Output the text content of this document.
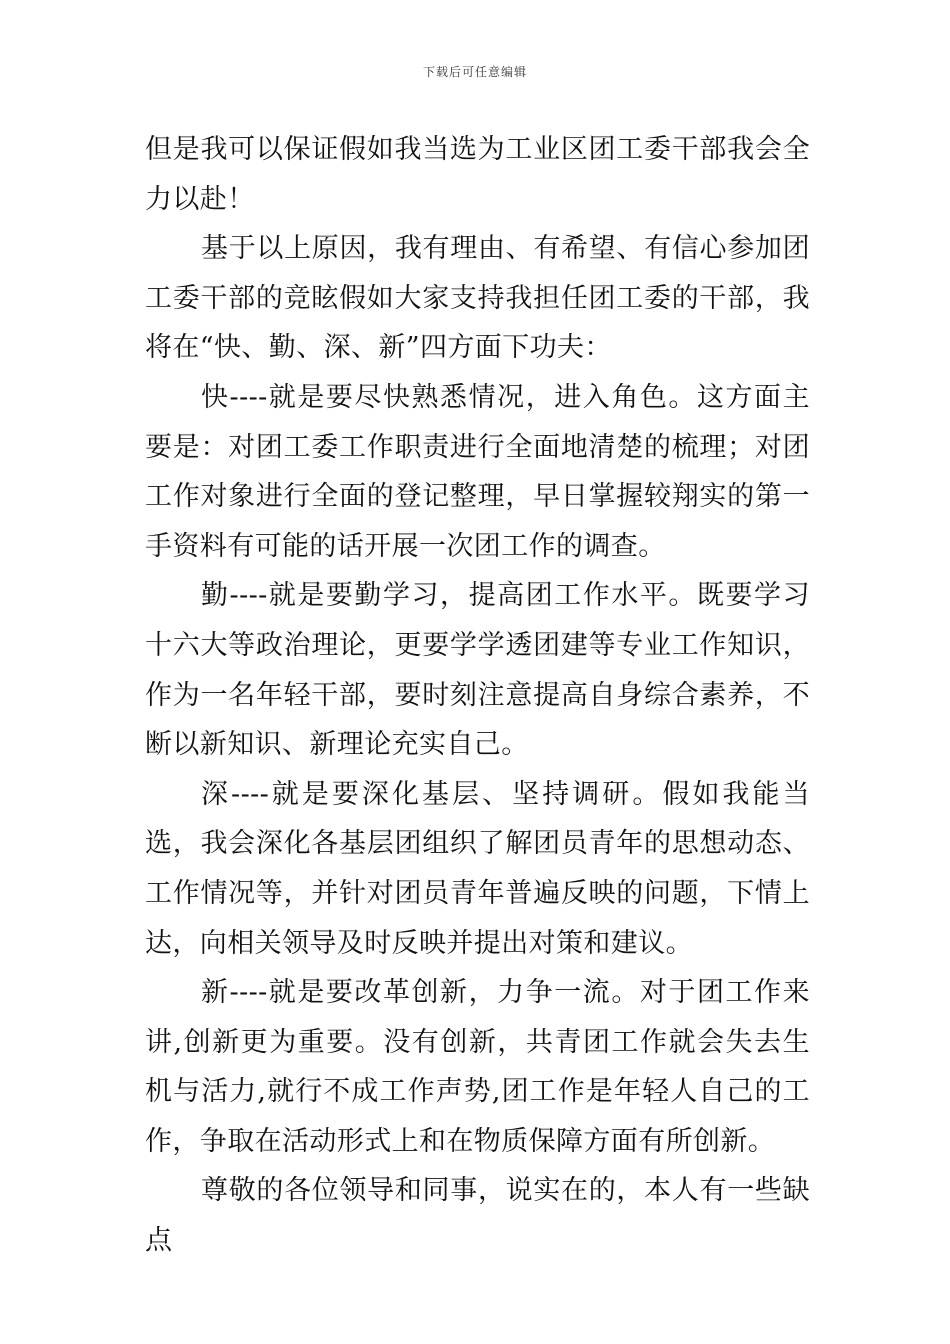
下载后可任意编辑

但是我可以保证假如我当选为工业区团工委干部我会全力以赴！

基于以上原因，我有理由、有希望、有信心参加团工委干部的竞眩假如大家支持我担任团工委的干部，我将在“快、勤、深、新”四方面下功夫：

快----就是要尽快熟悉情况，进入角色。这方面主要是：对团工委工作职责进行全面地清楚的梳理；对团工作对象进行全面的登记整理，早日掌握较翔实的第一手资料有可能的话开展一次团工作的调查。

勤----就是要勤学习，提高团工作水平。既要学习十六大等政治理论，更要学学透团建等专业工作知识，作为一名年轻干部，要时刻注意提高自身综合素养，不断以新知识、新理论充实自己。

深----就是要深化基层、坚持调研。假如我能当选，我会深化各基层团组织了解团员青年的思想动态、工作情况等，并针对团员青年普遍反映的问题，下情上达，向相关领导及时反映并提出对策和建议。

新----就是要改革创新，力争一流。对于团工作来讲,创新更为重要。没有创新，共青团工作就会失去生机与活力,就行不成工作声势,团工作是年轻人自己的工作，争取在活动形式上和在物质保障方面有所创新。

尊敬的各位领导和同事，说实在的，本人有一些缺点
